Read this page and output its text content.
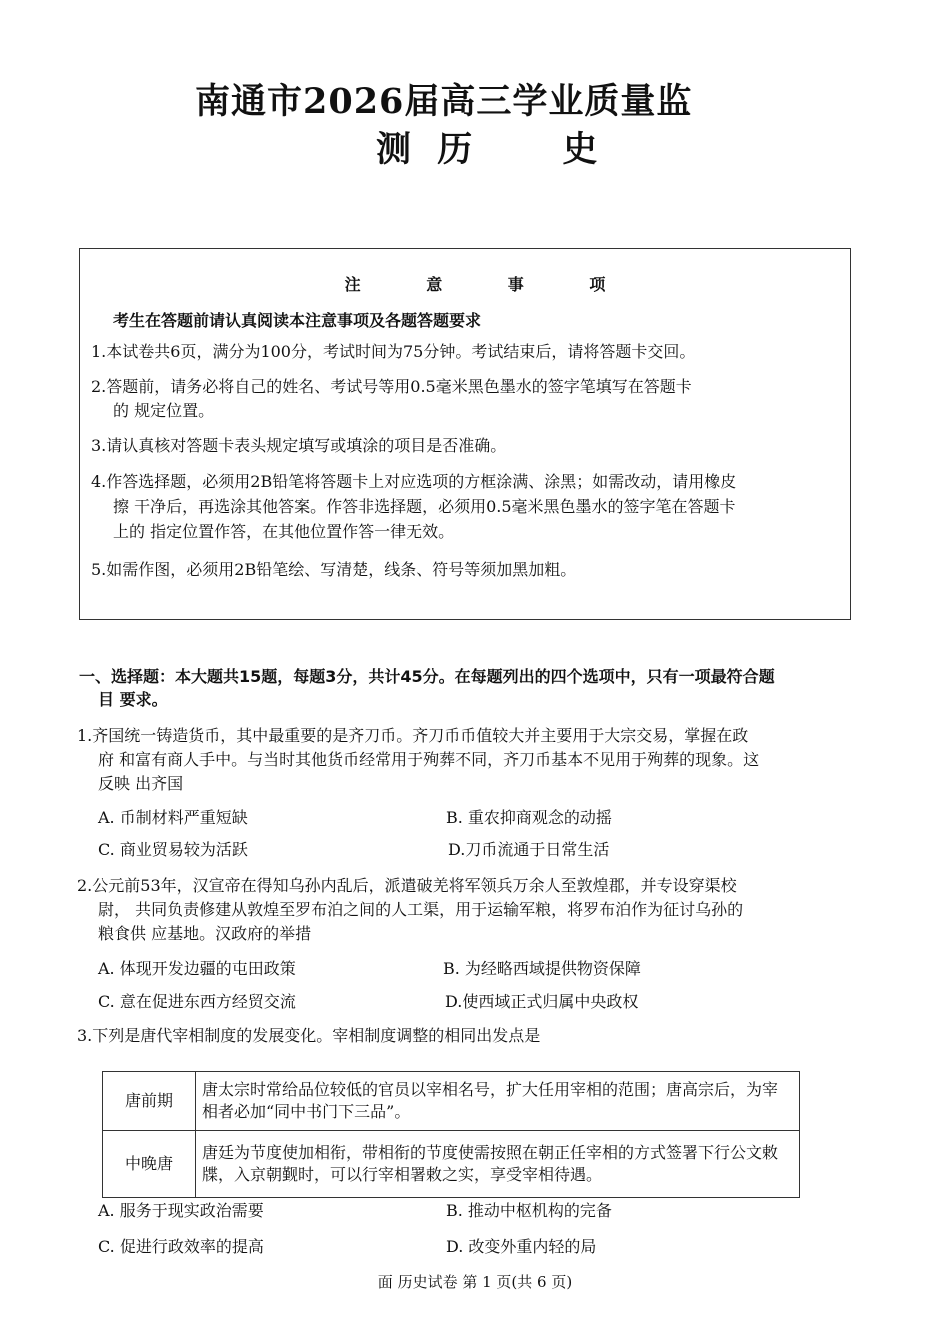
南通市2026届高三学业质量监
测 历	史
注 意 事 项
考生在答题前请认真阅读本注意事项及各题答题要求
1.本试卷共6页，满分为100分，考试时间为75分钟。考试结束后，请将答题卡交回。
2.答题前，请务必将自己的姓名、考试号等用0.5毫米黑色墨水的签字笔填写在答题卡
的 规定位置。
3.请认真核对答题卡表头规定填写或填涂的项目是否准确。
4.作答选择题，必须用2B铅笔将答题卡上对应选项的方框涂满、涂黑；如需改动，请用橡皮
擦 干净后，再选涂其他答案。作答非选择题，必须用0.5毫米黑色墨水的签字笔在答题卡
上的 指定位置作答，在其他位置作答一律无效。
5.如需作图，必须用2B铅笔绘、写清楚，线条、符号等须加黑加粗。
一、选择题：本大题共15题，每题3分，共计45分。在每题列出的四个选项中，只有一项最符合题
目 要求。
1.齐国统一铸造货币，其中最重要的是齐刀币。齐刀币币值较大并主要用于大宗交易，掌握在政
府 和富有商人手中。与当时其他货币经常用于殉葬不同，齐刀币基本不见用于殉葬的现象。这
反映 出齐国
A. 币制材料严重短缺	B. 重农抑商观念的动摇
C. 商业贸易较为活跃	D.刀币流通于日常生活
2.公元前53年，汉宣帝在得知乌孙内乱后，派遣破羌将军领兵万余人至敦煌郡，并专设穿渠校
尉， 共同负责修建从敦煌至罗布泊之间的人工渠，用于运输军粮，将罗布泊作为征讨乌孙的
粮食供 应基地。汉政府的举措
A. 体现开发边疆的屯田政策	B. 为经略西域提供物资保障
C. 意在促进东西方经贸交流	D.使西域正式归属中央政权
3.下列是唐代宰相制度的发展变化。宰相制度调整的相同出发点是
唐前期	唐太宗时常给品位较低的官员以宰相名号，扩大任用宰相的范围；唐高宗后，为宰相者必加“同中书门下三品”。
中晚唐	唐廷为节度使加相衔，带相衔的节度使需按照在朝正任宰相的方式签署下行公文敕牒，入京朝觐时，可以行宰相署敕之实，享受宰相待遇。
A. 服务于现实政治需要	B. 推动中枢机构的完备
C. 促进行政效率的提高	D. 改变外重内轻的局
面 历史试卷 第 1 页(共 6 页)
